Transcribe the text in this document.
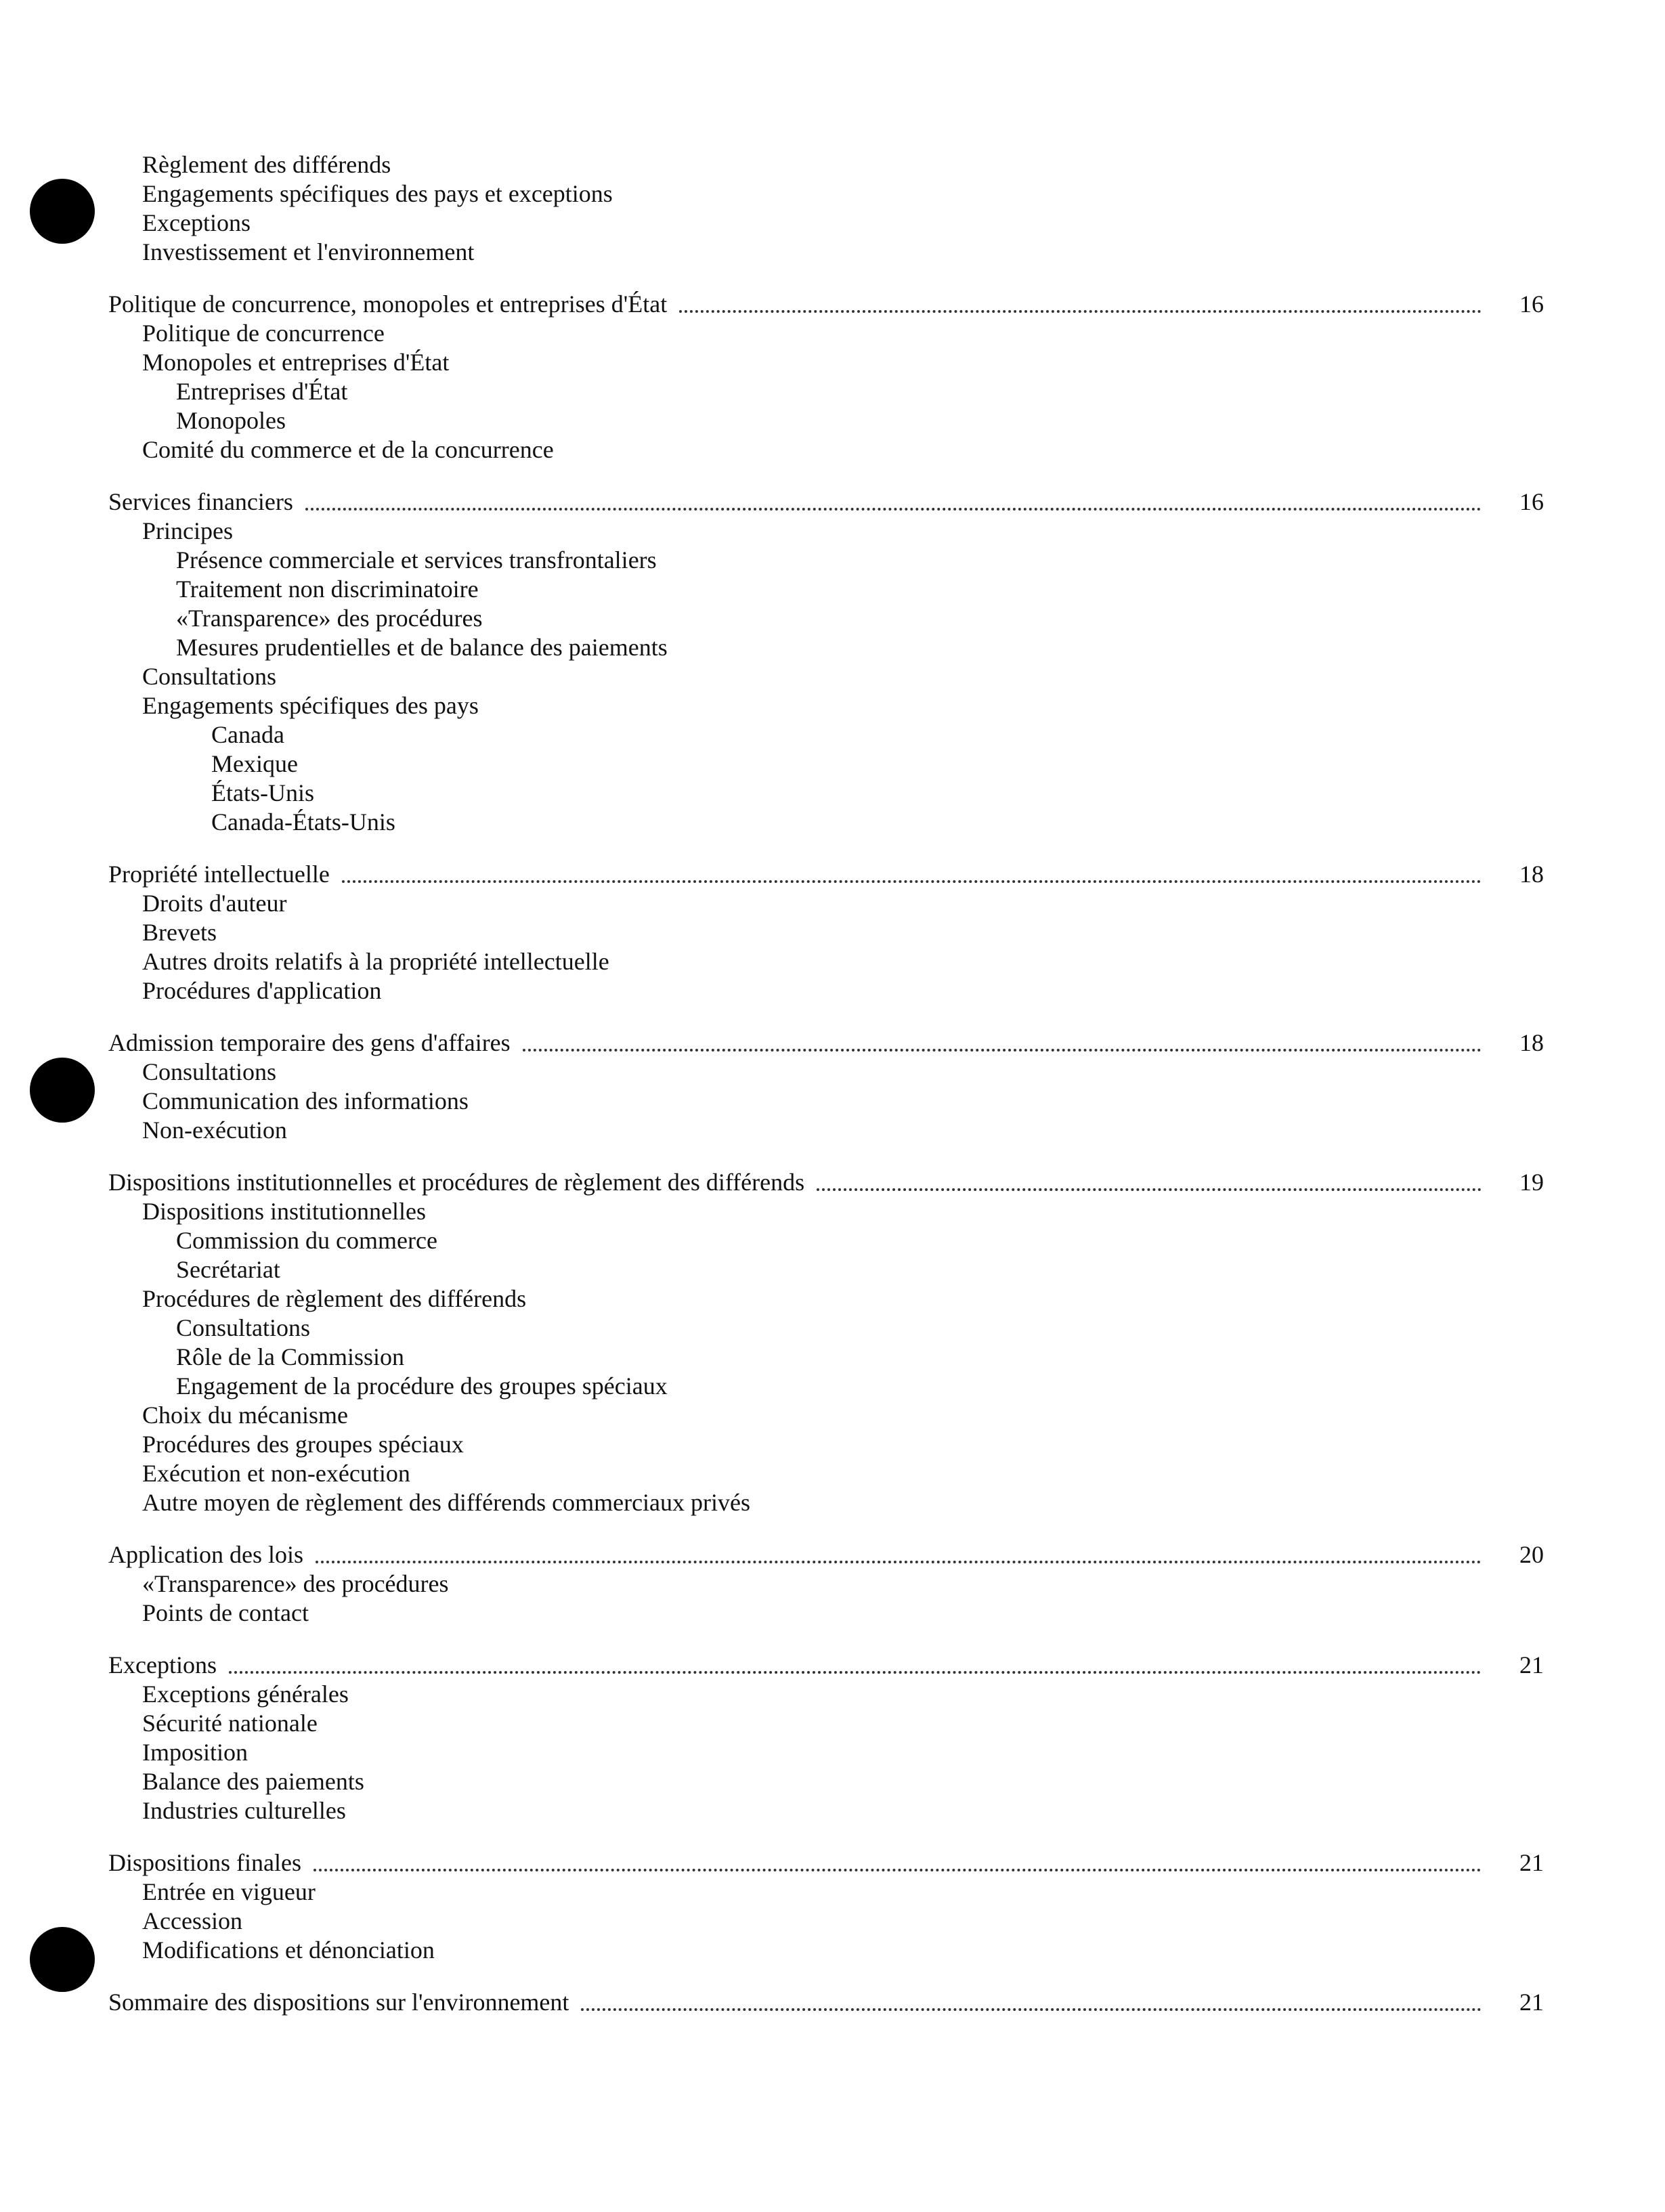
Règlement des différends
Engagements spécifiques des pays et exceptions
Exceptions
Investissement et l'environnement
Politique de concurrence, monopoles et entreprises d'État	16
Politique de concurrence
Monopoles et entreprises d'État
Entreprises d'État
Monopoles
Comité du commerce et de la concurrence
Services financiers	16
Principes
Présence commerciale et services transfrontaliers
Traitement non discriminatoire
«Transparence» des procédures
Mesures prudentielles et de balance des paiements
Consultations
Engagements spécifiques des pays
Canada
Mexique
États-Unis
Canada-États-Unis
Propriété intellectuelle	18
Droits d'auteur
Brevets
Autres droits relatifs à la propriété intellectuelle
Procédures d'application
Admission temporaire des gens d'affaires	18
Consultations
Communication des informations
Non-exécution
Dispositions institutionnelles et procédures de règlement des différends	19
Dispositions institutionnelles
Commission du commerce
Secrétariat
Procédures de règlement des différends
Consultations
Rôle de la Commission
Engagement de la procédure des groupes spéciaux
Choix du mécanisme
Procédures des groupes spéciaux
Exécution et non-exécution
Autre moyen de règlement des différends commerciaux privés
Application des lois	20
«Transparence» des procédures
Points de contact
Exceptions	21
Exceptions générales
Sécurité nationale
Imposition
Balance des paiements
Industries culturelles
Dispositions finales	21
Entrée en vigueur
Accession
Modifications et dénonciation
Sommaire des dispositions sur l'environnement	21
